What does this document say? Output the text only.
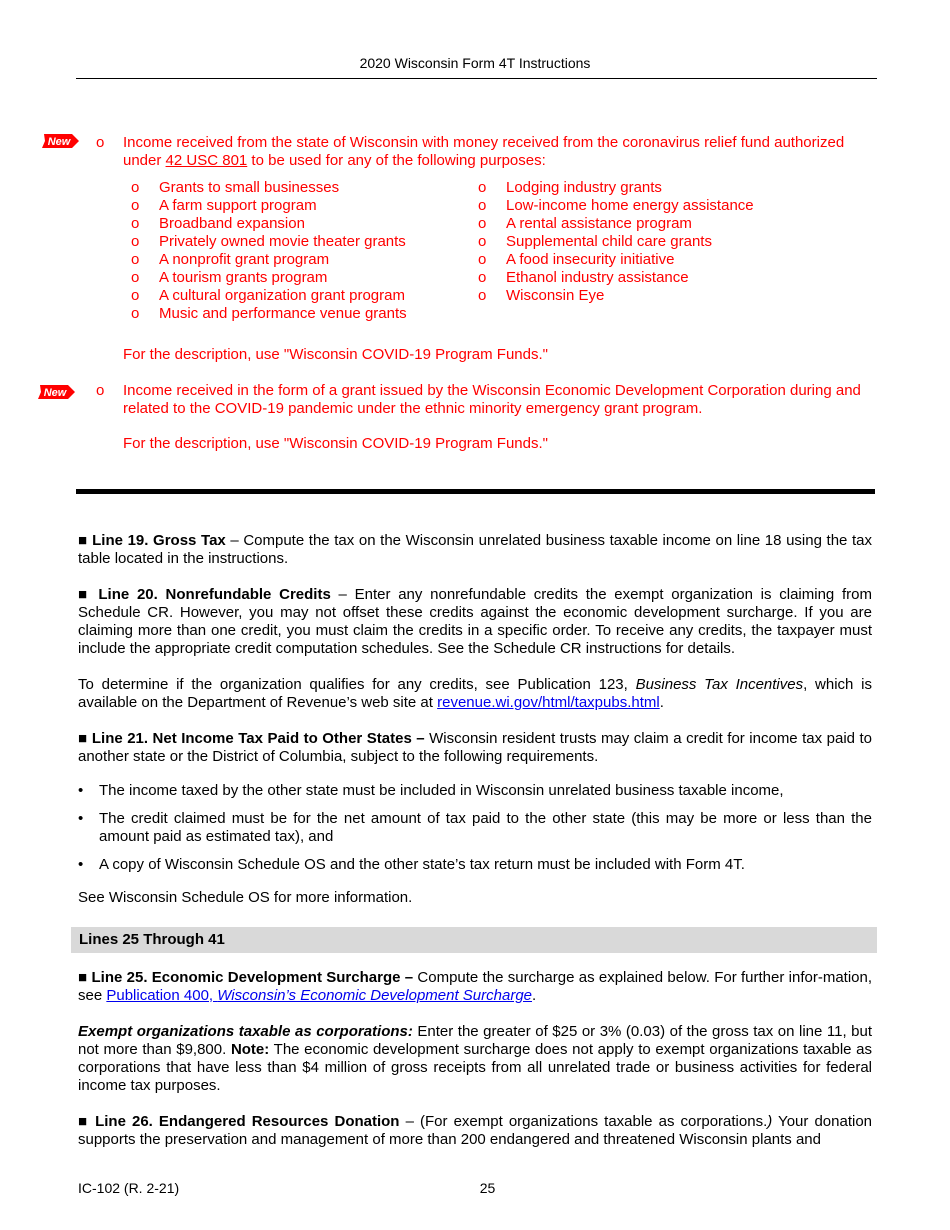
2020 Wisconsin Form 4T Instructions
New o Income received from the state of Wisconsin with money received from the coronavirus relief fund authorized under 42 USC 801 to be used for any of the following purposes:
o Grants to small businesses
o A farm support program
o Broadband expansion
o Privately owned movie theater grants
o A nonprofit grant program
o A tourism grants program
o A cultural organization grant program
o Music and performance venue grants
o Lodging industry grants
o Low-income home energy assistance
o A rental assistance program
o Supplemental child care grants
o A food insecurity initiative
o Ethanol industry assistance
o Wisconsin Eye
For the description, use "Wisconsin COVID-19 Program Funds."
New o Income received in the form of a grant issued by the Wisconsin Economic Development Corporation during and related to the COVID-19 pandemic under the ethnic minority emergency grant program.
For the description, use "Wisconsin COVID-19 Program Funds."
■ Line 19. Gross Tax – Compute the tax on the Wisconsin unrelated business taxable income on line 18 using the tax table located in the instructions.
■ Line 20. Nonrefundable Credits – Enter any nonrefundable credits the exempt organization is claiming from Schedule CR. However, you may not offset these credits against the economic development surcharge. If you are claiming more than one credit, you must claim the credits in a specific order. To receive any credits, the taxpayer must include the appropriate credit computation schedules. See the Schedule CR instructions for details.
To determine if the organization qualifies for any credits, see Publication 123, Business Tax Incentives, which is available on the Department of Revenue’s web site at revenue.wi.gov/html/taxpubs.html.
■ Line 21. Net Income Tax Paid to Other States – Wisconsin resident trusts may claim a credit for income tax paid to another state or the District of Columbia, subject to the following requirements.
• The income taxed by the other state must be included in Wisconsin unrelated business taxable income,
• The credit claimed must be for the net amount of tax paid to the other state (this may be more or less than the amount paid as estimated tax), and
• A copy of Wisconsin Schedule OS and the other state’s tax return must be included with Form 4T.
See Wisconsin Schedule OS for more information.
Lines 25 Through 41
■ Line 25. Economic Development Surcharge – Compute the surcharge as explained below. For further infor-mation, see Publication 400, Wisconsin’s Economic Development Surcharge.
Exempt organizations taxable as corporations: Enter the greater of $25 or 3% (0.03) of the gross tax on line 11, but not more than $9,800. Note: The economic development surcharge does not apply to exempt organizations taxable as corporations that have less than $4 million of gross receipts from all unrelated trade or business activities for federal income tax purposes.
■ Line 26. Endangered Resources Donation – (For exempt organizations taxable as corporations.) Your donation supports the preservation and management of more than 200 endangered and threatened Wisconsin plants and
IC-102 (R. 2-21)	25
